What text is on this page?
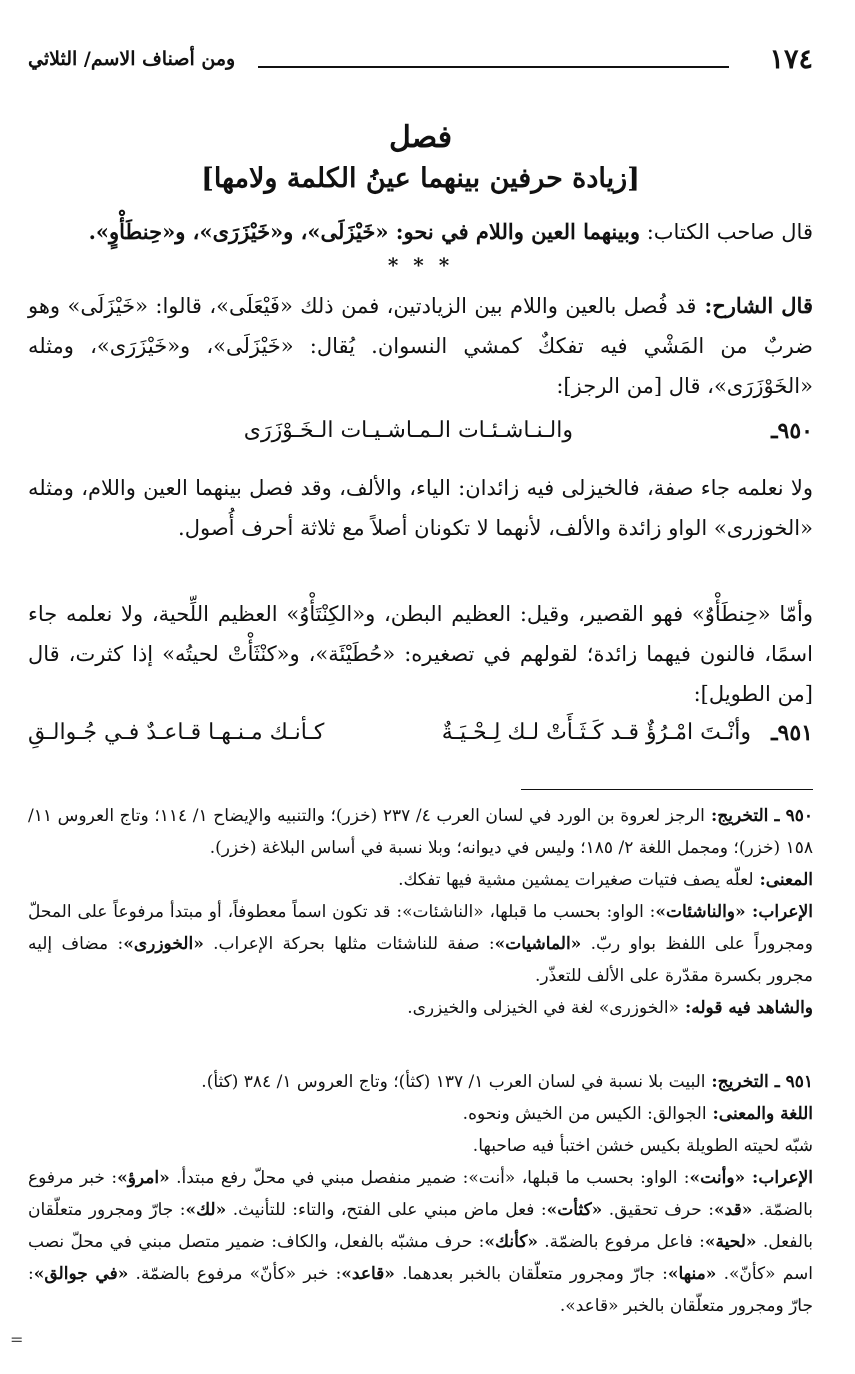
١٧٤
ومن أصناف الاسم/ الثلاثي
فصل
[زيادة حرفين بينهما عينُ الكلمة ولامها]
قال صاحب الكتاب: وبينهما العين واللام في نحو: «خَيْزَلَى»، و«خَيْزَرَى»، و«حِنطَأْوٍ».
* * *
قال الشارح: قد فُصل بالعين واللام بين الزيادتين، فمن ذلك «فَيْعَلَى»، قالوا: «خَيْزَلَى» وهو ضربٌ من المَشْي فيه تفككٌ كمشي النسوان. يُقال: «خَيْزَلَى»، و«خَيْزَرَى»، ومثله «الخَوْزَرَى»، قال [من الرجز]:
٩٥٠ـ
والـنـاشـئـات الـمـاشـيـات الـخَـوْزَرَى
ولا نعلمه جاء صفة، فالخيزلى فيه زائدان: الياء، والألف، وقد فصل بينهما العين واللام، ومثله «الخوزرى» الواو زائدة والألف، لأنهما لا تكونان أصلاً مع ثلاثة أحرف أُصول.
وأمّا «حِنطَأْوٌ» فهو القصير، وقيل: العظيم البطن، و«الكِنْتَأْوُ» العظيم اللِّحية، ولا نعلمه جاء اسمًا، فالنون فيهما زائدة؛ لقولهم في تصغيره: «حُطَيْئَة»، و«كنْثَأْتْ لحيتُه» إذا كثرت، قال [من الطويل]:
٩٥١ـ
وأنْـتَ امْـرُؤٌ قـد كَـثَـأَتْ لـك لِـحْـيَـةٌ
كـأنـك مـنـهـا قـاعـدٌ فـي جُـوالـقِ
٩٥٠ ـ التخريج: الرجز لعروة بن الورد في لسان العرب ٤/ ٢٣٧ (خزر)؛ والتنبيه والإيضاح ١/ ١١٤؛ وتاج العروس ١١/ ١٥٨ (خزر)؛ ومجمل اللغة ٢/ ١٨٥؛ وليس في ديوانه؛ وبلا نسبة في أساس البلاغة (خزر).
المعنى: لعلّه يصف فتيات صغيرات يمشين مشية فيها تفكك.
الإعراب: «والناشئات»: الواو: بحسب ما قبلها، «الناشئات»: قد تكون اسماً معطوفاً، أو مبتدأ مرفوعاً على المحلّ ومجروراً على اللفظ بواو ربّ. «الماشيات»: صفة للناشئات مثلها بحركة الإعراب. «الخوزرى»: مضاف إليه مجرور بكسرة مقدّرة على الألف للتعذّر.
والشاهد فيه قوله: «الخوزرى» لغة في الخيزلى والخيزرى.
٩٥١ ـ التخريج: البيت بلا نسبة في لسان العرب ١/ ١٣٧ (كثأ)؛ وتاج العروس ١/ ٣٨٤ (كثأ).
اللغة والمعنى: الجوالق: الكيس من الخيش ونحوه.
شبّه لحيته الطويلة بكيس خشن اختبأ فيه صاحبها.
الإعراب: «وأنت»: الواو: بحسب ما قبلها، «أنت»: ضمير منفصل مبني في محلّ رفع مبتدأ. «امرؤ»: خبر مرفوع بالضمّة. «قد»: حرف تحقيق. «كثأت»: فعل ماض مبني على الفتح، والتاء: للتأنيث. «لك»: جارّ ومجرور متعلّقان بالفعل. «لحية»: فاعل مرفوع بالضمّة. «كأنك»: حرف مشبّه بالفعل، والكاف: ضمير متصل مبني في محلّ نصب اسم «كأنّ». «منها»: جارّ ومجرور متعلّقان بالخبر بعدهما. «قاعد»: خبر «كأنّ» مرفوع بالضمّة. «في جوالق»: جارّ ومجرور متعلّقان بالخبر «قاعد».
=
